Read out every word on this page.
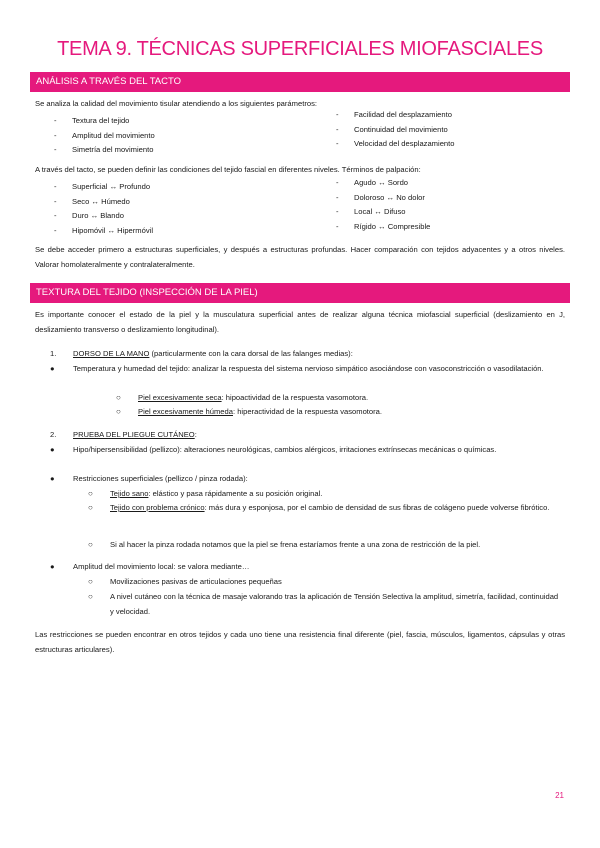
TEMA 9. TÉCNICAS SUPERFICIALES MIOFASCIALES
ANÁLISIS A TRAVÉS DEL TACTO
Se analiza la calidad del movimiento tisular atendiendo a los siguientes parámetros:
- Textura del tejido
- Amplitud del movimiento
- Simetría del movimiento
- Facilidad del desplazamiento
- Continuidad del movimiento
- Velocidad del desplazamiento
A través del tacto, se pueden definir las condiciones del tejido fascial en diferentes niveles. Términos de palpación:
- Superficial ↔ Profundo
- Seco ↔ Húmedo
- Duro ↔ Blando
- Hipomóvil ↔ Hipermóvil
- Agudo ↔ Sordo
- Doloroso ↔ No dolor
- Local ↔ Difuso
- Rígido ↔ Compresible
Se debe acceder primero a estructuras superficiales, y después a estructuras profundas. Hacer comparación con tejidos adyacentes y a otros niveles. Valorar homolateralmente y contralateralmente.
TEXTURA DEL TEJIDO (INSPECCIÓN DE LA PIEL)
Es importante conocer el estado de la piel y la musculatura superficial antes de realizar alguna técnica miofascial superficial (deslizamiento en J, deslizamiento transverso o deslizamiento longitudinal).
1. DORSO DE LA MANO (particularmente con la cara dorsal de las falanges medias):
● Temperatura y humedad del tejido: analizar la respuesta del sistema nervioso simpático asociándose con vasoconstricción o vasodilatación.
○ Piel excesivamente seca: hipoactividad de la respuesta vasomotora.
○ Piel excesivamente húmeda: hiperactividad de la respuesta vasomotora.
2. PRUEBA DEL PLIEGUE CUTÁNEO:
● Hipo/hipersensibilidad (pellizco): alteraciones neurológicas, cambios alérgicos, irritaciones extrínsecas mecánicas o químicas.
● Restricciones superficiales (pellizco / pinza rodada):
○ Tejido sano: elástico y pasa rápidamente a su posición original.
○ Tejido con problema crónico: más dura y esponjosa, por el cambio de densidad de sus fibras de colágeno puede volverse fibrótico.
○ Si al hacer la pinza rodada notamos que la piel se frena estaríamos frente a una zona de restricción de la piel.
● Amplitud del movimiento local: se valora mediante…
○ Movilizaciones pasivas de articulaciones pequeñas
○ A nivel cutáneo con la técnica de masaje valorando tras la aplicación de Tensión Selectiva la amplitud, simetría, facilidad, continuidad y velocidad.
Las restricciones se pueden encontrar en otros tejidos y cada uno tiene una resistencia final diferente (piel, fascia, músculos, ligamentos, cápsulas y otras estructuras articulares).
21
